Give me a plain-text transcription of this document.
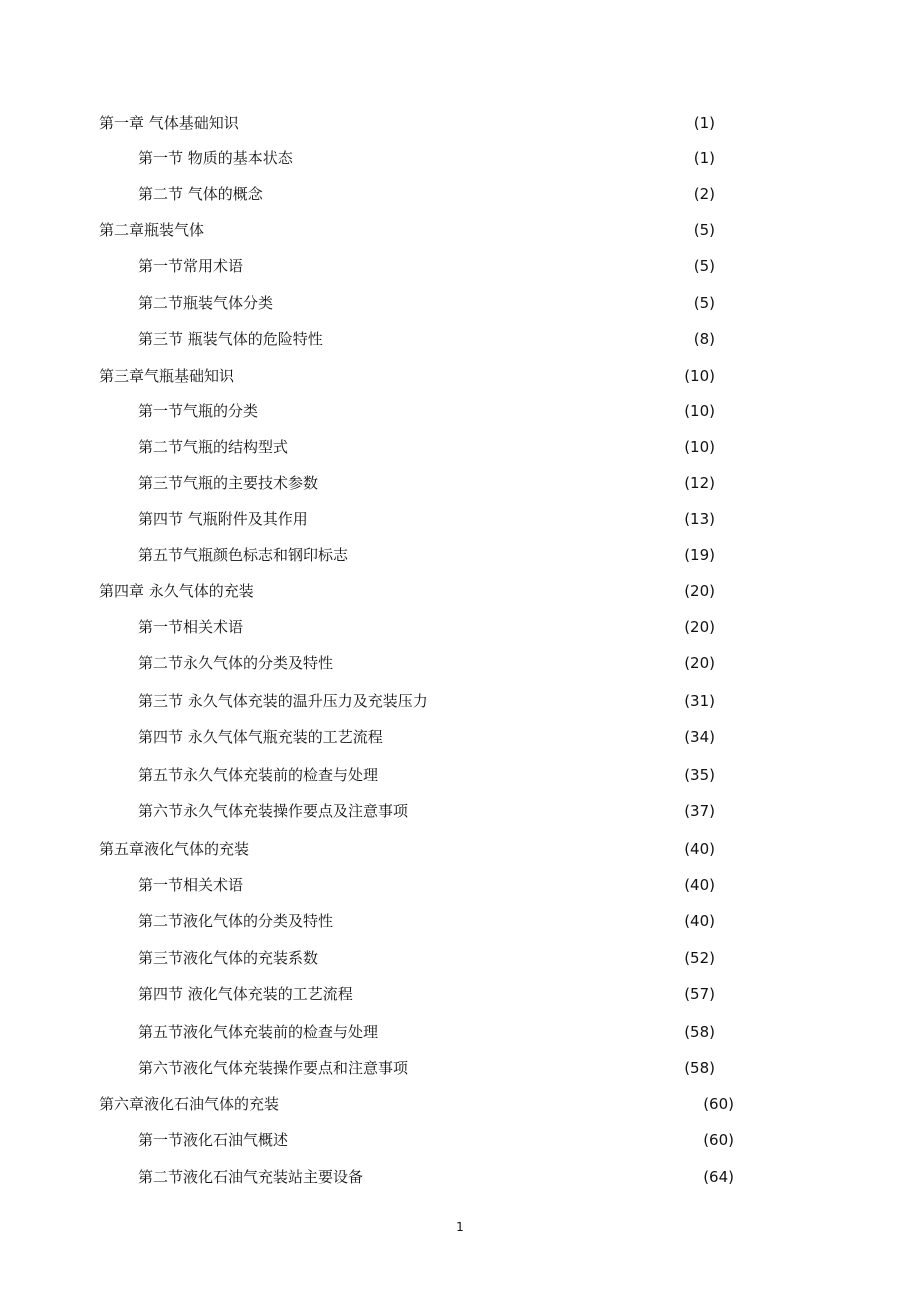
第一章 气体基础知识	(1)
第一节 物质的基本状态	(1)
第二节 气体的概念	(2)
第二章瓶装气体	(5)
第一节常用术语	(5)
第二节瓶装气体分类	(5)
第三节 瓶装气体的危险特性	(8)
第三章气瓶基础知识	(10)
第一节气瓶的分类	(10)
第二节气瓶的结构型式	(10)
第三节气瓶的主要技术参数	(12)
第四节 气瓶附件及其作用	(13)
第五节气瓶颜色标志和钢印标志	(19)
第四章 永久气体的充装	(20)
第一节相关术语	(20)
第二节永久气体的分类及特性	(20)
第三节 永久气体充装的温升压力及充装压力	(31)
第四节 永久气体气瓶充装的工艺流程	(34)
第五节永久气体充装前的检查与处理	(35)
第六节永久气体充装操作要点及注意事项	(37)
第五章液化气体的充装	(40)
第一节相关术语	(40)
第二节液化气体的分类及特性	(40)
第三节液化气体的充装系数	(52)
第四节 液化气体充装的工艺流程	(57)
第五节液化气体充装前的检查与处理	(58)
第六节液化气体充装操作要点和注意事项	(58)
第六章液化石油气体的充装	(60)
第一节液化石油气概述	(60)
第二节液化石油气充装站主要设备	(64)
1
